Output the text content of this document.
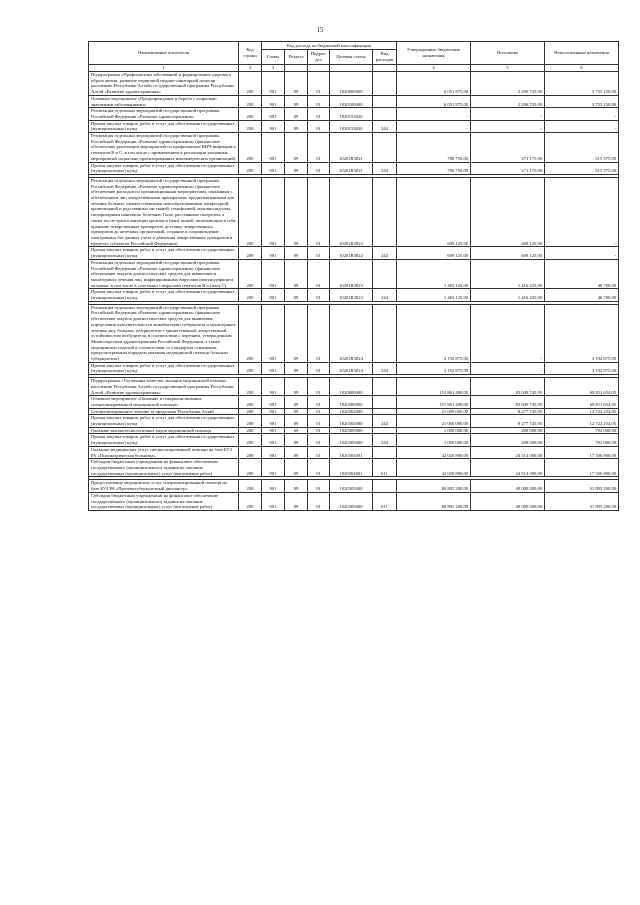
15
Наименование показателя	Код строки	Код расхода по бюджетной классификации					Утвержденные бюджетные назначения	Исполнено	Неисполненные назначения
		Главы	Раздела	Подраз-дел	Целевая статья	Вид расходов			
1	2	3					4	5	6
Подпрограмма «Профилактика заболеваний и формирование здорового образа жизни, развитие первичной медико-санитарной помощи населению Республики Алтай» государственной программы Республики Алтай «Развитие здравоохранения»	200	901	09	01	1020000000		6 051 875,00	2 296 725,00	3 755 150,00
Основное мероприятие «Предупреждение и борьба с социально значимыми заболеваниями»	200	901	09	01	1020100000		6 051 875,00	2 296 725,00	3 755 150,00
Реализация отдельных мероприятий государственной программы Российской Федерации «Развитие здравоохранения»	200	901	09	01	1020153820		-	-	-
Прочая закупка товаров, работ и услуг для обеспечения государственных (муниципальных) нужд	200	901	09	01	1020153820	244	-	-	-
Реализация отдельных мероприятий государственной программы Российской Федерации «Развитие здравоохранения» (финансовое обеспечение реализации мероприятий по профилактике ВИЧ-инфекции и гепатитов B и C, в том числе с привлечением к реализации указанных мероприятий социально ориентированных некоммерческих организаций)	200	901	09	01	10201R3821		786 750,00	271 175,00	515 575,00
Прочая закупка товаров, работ и услуг для обеспечения государственных (муниципальных) нужд	200	901	09	01	10201R3821	244	786 750,00	271 175,00	515 575,00

Реализация отдельных мероприятий государственной программы Российской Федерации «Развитие здравоохранения» (финансовое обеспечение расходов по организационным мероприятиям, связанным с обеспечением лиц лекарственными препаратами, предназначенными для лечения больных злокачественными новообразованиями лимфоидной, кроветворной и родственных им тканей, гемофилией, муковисцидозом, гипофизарным нанизмом, болезнью Гоше, рассеянным склерозом, а также после трансплантации органов и (или) тканей, включающим в себя хранение лекарственных препаратов, доставку лекарственных препаратов до аптечных организаций, создание и сопровождение электронных баз данных учета и движения лекарственных препаратов в пределах субъектов Российской Федерации)	200	901	09	01	10201R3822		609 125,00	609 125,00	-
Прочая закупка товаров, работ и услуг для обеспечения государственных (муниципальных) нужд	200	901	09	01	10201R3822	244	609 125,00	609 125,00	-
Реализация отдельных мероприятий государственной программы Российской Федерации «Развитие здравоохранения» (финансовое обеспечение закупок диагностических средств для выявления и мониторинга лечения лиц, инфицированных вирусами иммунодефицита человека, в том числе в сочетании с вирусами гепатитов B и (или) C)	200	901	09	01	10201R3823		1 463 125,00	1 416 425,00	46 700,00
Прочая закупка товаров, работ и услуг для обеспечения государственных (муниципальных) нужд	200	901	09	01	10201R3823	244	1 463 125,00	1 416 425,00	46 700,00

Реализация отдельных мероприятий государственной программы Российской Федерации «Развитие здравоохранения» (финансовое обеспечение закупок диагностических средств для выявления, определения чувствительности микобактерии туберкулеза и мониторинга лечения лиц, больных туберкулезом с множественной лекарственной устойчивостью возбудителя, в соответствии с перечнем, утвержденным Министерством здравоохранения Российской Федерации, а также медицинских изделий в соответствии со стандартом оснащения, предусмотренным порядком оказания медицинской помощи больным туберкулезом)	200	901	09	01	10201R3824		3 192 875,00	-	3 192 875,00
Прочая закупка товаров, работ и услуг для обеспечения государственных (муниципальных) нужд	200	901	09	01	10201R3824	244	3 192 875,00	-	3 192 875,00

Подпрограмма «Улучшение качества оказания медицинской помощи населению Республики Алтай» государственной программы Республики Алтай «Развитие здравоохранения»	200	901	09	01	1020000000		151 861 400,00	83 049 745,95	68 811 654,05
Основное мероприятие «Оказание и совершенствование специализированной медицинской помощи»	200	901	09	01	1020300000		151 861 400,00	83 049 745,95	68 811 654,05
Специализированное лечение за пределами Республики Алтай	200	901	09	01	1020302000		21 000 000,00	8 277 745,95	12 722 254,05
Прочая закупка товаров, работ и услуг для обеспечения государственных (муниципальных) нужд	200	901	09	01	1020302000	244	21 000 000,00	8 277 745,95	12 722 254,05
Оказание высокотехнологичных видов медицинской помощи	200	901	09	01	1020305000		1 000 000,00	208 000,00	792 000,00
Прочая закупка товаров, работ и услуг для обеспечения государственных (муниципальных) нужд	200	901	09	01	1020305000	244	1 000 000,00	208 000,00	792 000,00
Оказание медицинских услуг специализированной помощи на базе БУЗ РА «Психиатрическая больница»	200	901	09	01	1020304001		42 020 890,00	24 514 000,00	17 506 800,00
Субсидии бюджетным учреждениям на финансовое обеспечение государственного (муниципального) задания на оказание государственных (муниципальных) услуг (выполнение работ)	200	901	09	01	1020304001	611	42 020 890,00	24 514 000,00	17 506 800,00

Предоставление медицинских услуг специализированной помощи на базе БУЗ РА «Противотуберкулезный диспансер»	200	901	09	01	1020305000		80 895 200,00	49 000 000,00	31 895 200,00
Субсидии бюджетным учреждениям на финансовое обеспечение государственного (муниципального) задания на оказание государственных (муниципальных) услуг (выполнение работ)	200	901	09	01	1020305000	611	80 895 200,00	49 000 000,00	31 895 200,00
